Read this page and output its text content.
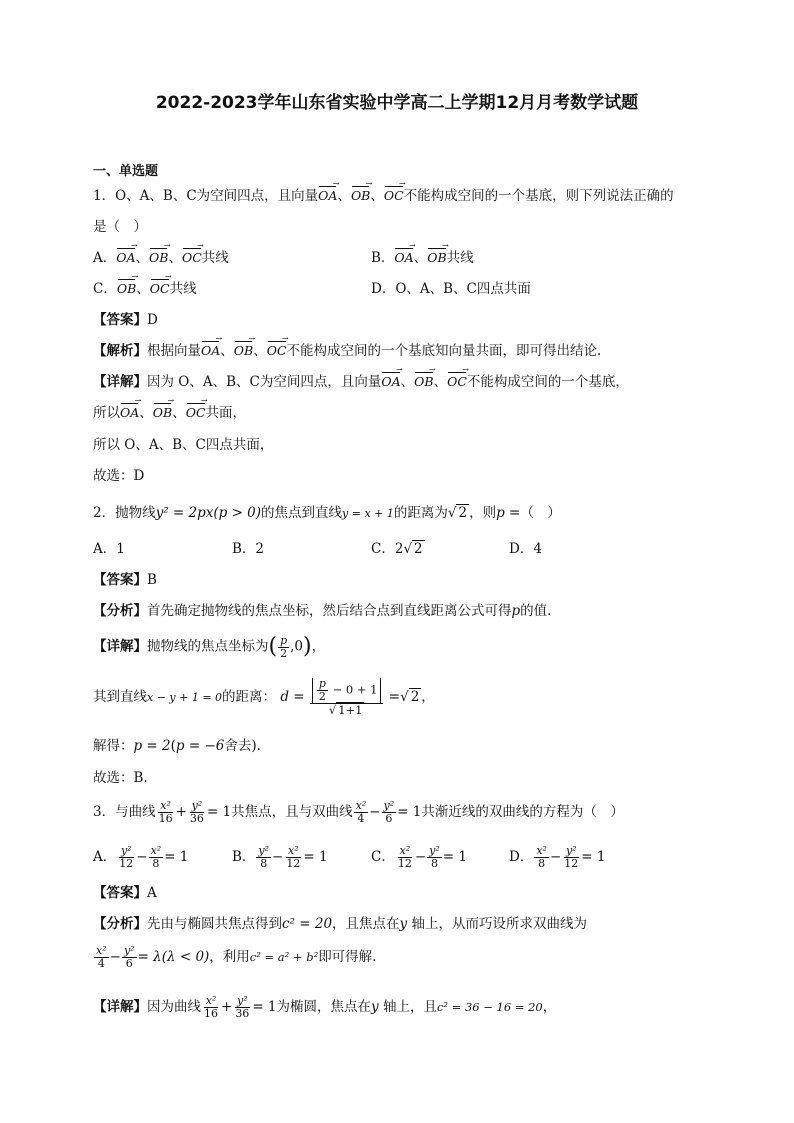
2022-2023学年山东省实验中学高二上学期12月月考数学试题
一、单选题
1．O、A、B、C为空间四点，且向量OA →、OB →、OC →不能构成空间的一个基底，则下列说法正确的
是（　）
A．OA →、OB →、OC →共线	B．OA →、OB →共线
C．OB →、OC →共线	D．O、A、B、C四点共面
【答案】D
【解析】根据向量OA →、OB →、OC →不能构成空间的一个基底知向量共面，即可得出结论.
【详解】因为 O、A、B、C为空间四点，且向量OA →、OB →、OC →不能构成空间的一个基底，
所以OA →、OB →、OC →共面，
所以 O、A、B、C四点共面，
故选：D
2．抛物线y² = 2px(p > 0)的焦点到直线y = x + 1的距离为√ 2 ，则p =（　）
A．1	B．2	C．2√ 2	D．4
【答案】B
【分析】首先确定抛物线的焦点坐标，然后结合点到直线距离公式可得p的值.
【详解】抛物线的焦点坐标为( $\frac{p}{2} ,0$)，
其到直线x − y + 1 = 0的距离： $d = \frac{\frac{p}{2} - 0 + 1}{√ 1+1}$ =√ 2 ，
解得：p = 2(p = −6舍去).
故选：B.
3．与曲线 $\frac{\text{x²}}{16} + \frac{\text{y²}}{36} = 1$共焦点，且与双曲线 $\frac{\text{x²}}{4} - \frac{\text{y²}}{6} = 1$共渐近线的双曲线的方程为（　）
A． $\frac{\text{y²}}{12} - \frac{\text{x²}}{8} = 1$	B． $\frac{\text{y²}}{8} - \frac{\text{x²}}{12} = 1$	C． $\frac{\text{x²}}{12} - \frac{\text{y²}}{8} = 1$	D． $\frac{\text{x²}}{8} - \frac{\text{y²}}{12} = 1$
【答案】A
【分析】先由与椭圆共焦点得到c² = 20，且焦点在y 轴上，从而巧设所求双曲线为
$\frac{\text{x²}}{4} - \frac{\text{y²}}{6} = \lambda(\lambda < 0)$，利用c² = a² + b²即可得解.
【详解】因为曲线 $\frac{\text{x²}}{16} + \frac{\text{y²}}{36} = 1$为椭圆，焦点在y 轴上，且c² = 36 − 16 = 20，
